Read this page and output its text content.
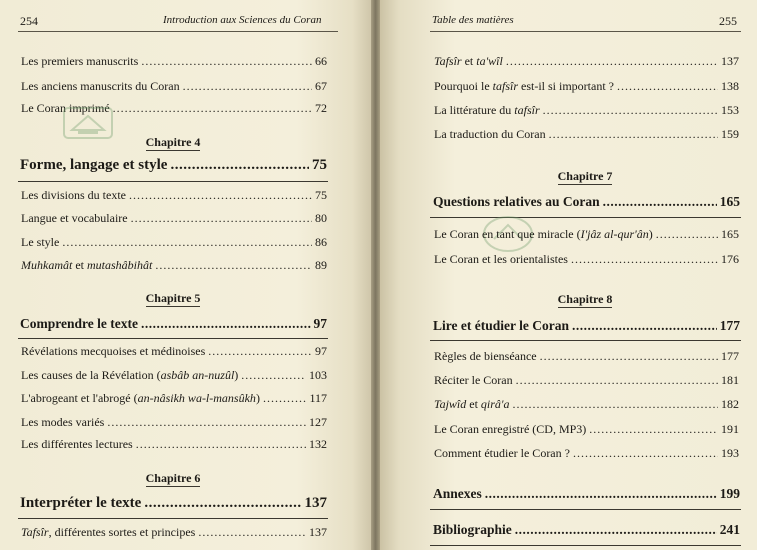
254	Introduction aux Sciences du Coran
Les premiers manuscrits .....	66
Les anciens manuscrits du Coran .....	67
Le Coran imprimé .....	72
Chapitre 4
Forme, langage et style .....	75
Les divisions du texte .....	75
Langue et vocabulaire .....	80
Le style .....	86
Muhkamât et mutashâbihât .....	89
Chapitre 5
Comprendre le texte .....	97
Révélations mecquoises et médinoises .....	97
Les causes de la Révélation (asbâb an-nuzûl) .....	103
L'abrogeant et l'abrogé (an-nâsikh wa-l-mansûkh) .....	117
Les modes variés .....	127
Les différentes lectures .....	132
Chapitre 6
Interpréter le texte .....	137
Tafsîr, différentes sortes et principes .....	137
Table des matières	255
Tafsîr et ta'wîl .....	137
Pourquoi le tafsîr est-il si important ? .....	138
La littérature du tafsîr .....	153
La traduction du Coran .....	159
Chapitre 7
Questions relatives au Coran .....	165
Le Coran en tant que miracle (I'jâz al-qur'ân) .....	165
Le Coran et les orientalistes .....	176
Chapitre 8
Lire et étudier le Coran .....	177
Règles de bienséance .....	177
Réciter le Coran .....	181
Tajwîd et qirâ'a .....	182
Le Coran enregistré (CD, MP3) .....	191
Comment étudier le Coran ? .....	193
Annexes .....	199
Bibliographie .....	241
